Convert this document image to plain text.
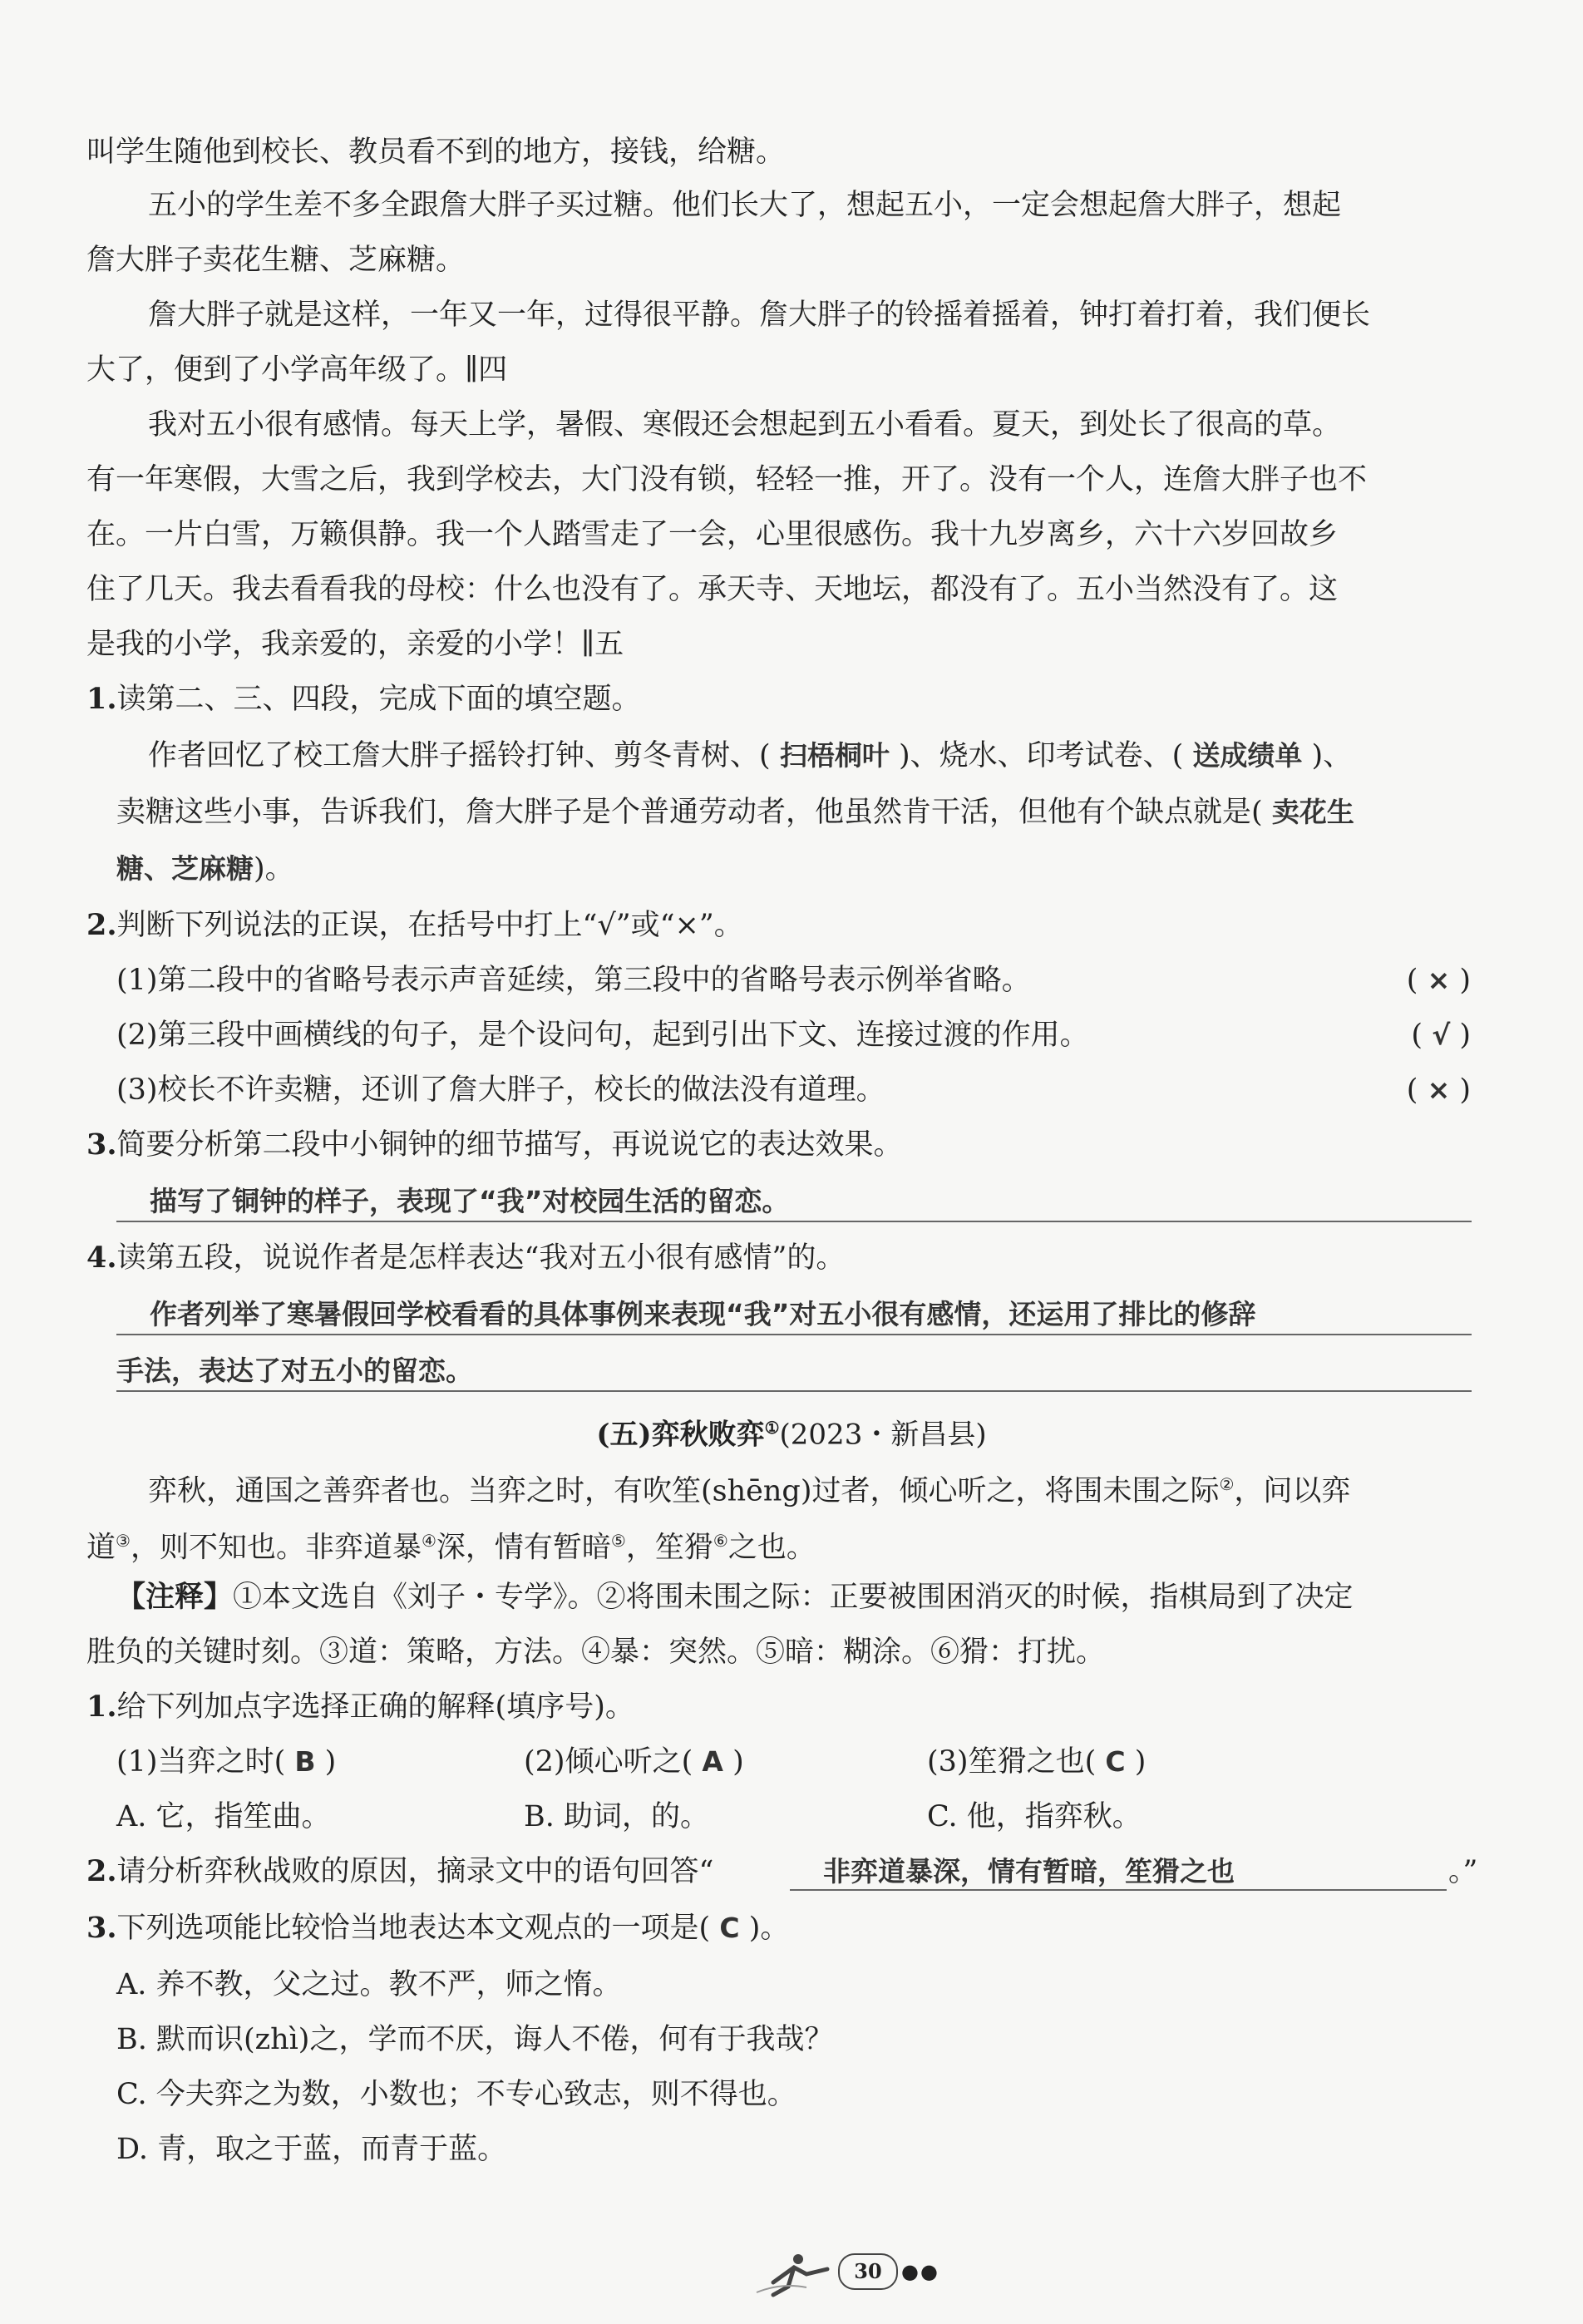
叫学生随他到校长、教员看不到的地方，接钱，给糖。
五小的学生差不多全跟詹大胖子买过糖。他们长大了，想起五小，一定会想起詹大胖子，想起
詹大胖子卖花生糖、芝麻糖。
詹大胖子就是这样，一年又一年，过得很平静。詹大胖子的铃摇着摇着，钟打着打着，我们便长
大了，便到了小学高年级了。∥四
我对五小很有感情。每天上学，暑假、寒假还会想起到五小看看。夏天，到处长了很高的草。
有一年寒假，大雪之后，我到学校去，大门没有锁，轻轻一推，开了。没有一个人，连詹大胖子也不
在。一片白雪，万籁俱静。我一个人踏雪走了一会，心里很感伤。我十九岁离乡，六十六岁回故乡
住了几天。我去看看我的母校：什么也没有了。承天寺、天地坛，都没有了。五小当然没有了。这
是我的小学，我亲爱的，亲爱的小学！∥五
1.读第二、三、四段，完成下面的填空题。
作者回忆了校工詹大胖子摇铃打钟、剪冬青树、( 扫梧桐叶 )、烧水、印考试卷、( 送成绩单 )、
卖糖这些小事，告诉我们，詹大胖子是个普通劳动者，他虽然肯干活，但他有个缺点就是( 卖花生
糖、芝麻糖)。
2.判断下列说法的正误，在括号中打上“√”或“×”。
(1)第二段中的省略号表示声音延续，第三段中的省略号表示例举省略。	( × )
(2)第三段中画横线的句子，是个设问句，起到引出下文、连接过渡的作用。	( √ )
(3)校长不许卖糖，还训了詹大胖子，校长的做法没有道理。	( × )
3.简要分析第二段中小铜钟的细节描写，再说说它的表达效果。
描写了铜钟的样子，表现了“我”对校园生活的留恋。
4.读第五段，说说作者是怎样表达“我对五小很有感情”的。
作者列举了寒暑假回学校看看的具体事例来表现“我”对五小很有感情，还运用了排比的修辞
手法，表达了对五小的留恋。
(五)弈秋败弈①(2023・新昌县)
弈秋，通国之善弈者也。当弈之时，有吹笙(shēng)过者，倾心听之，将围未围之际②，问以弈
道③，则不知也。非弈道暴④深，情有暂暗⑤，笙猾⑥之也。
【注释】①本文选自《刘子・专学》。②将围未围之际：正要被围困消灭的时候，指棋局到了决定
胜负的关键时刻。③道：策略，方法。④暴：突然。⑤暗：糊涂。⑥猾：打扰。
1.给下列加点字选择正确的解释(填序号)。
(1)当弈之时( B )	(2)倾心听之( A )	(3)笙猾之也( C )
A. 它，指笙曲。	B. 助词，的。	C. 他，指弈秋。
2.请分析弈秋战败的原因，摘录文中的语句回答“	非弈道暴深，情有暂暗，笙猾之也	。”
3.下列选项能比较恰当地表达本文观点的一项是( C )。
A. 养不教，父之过。教不严，师之惰。
B. 默而识(zhì)之，学而不厌，诲人不倦，何有于我哉？
C. 今夫弈之为数，小数也；不专心致志，则不得也。
D. 青，取之于蓝，而青于蓝。
30 ●●
